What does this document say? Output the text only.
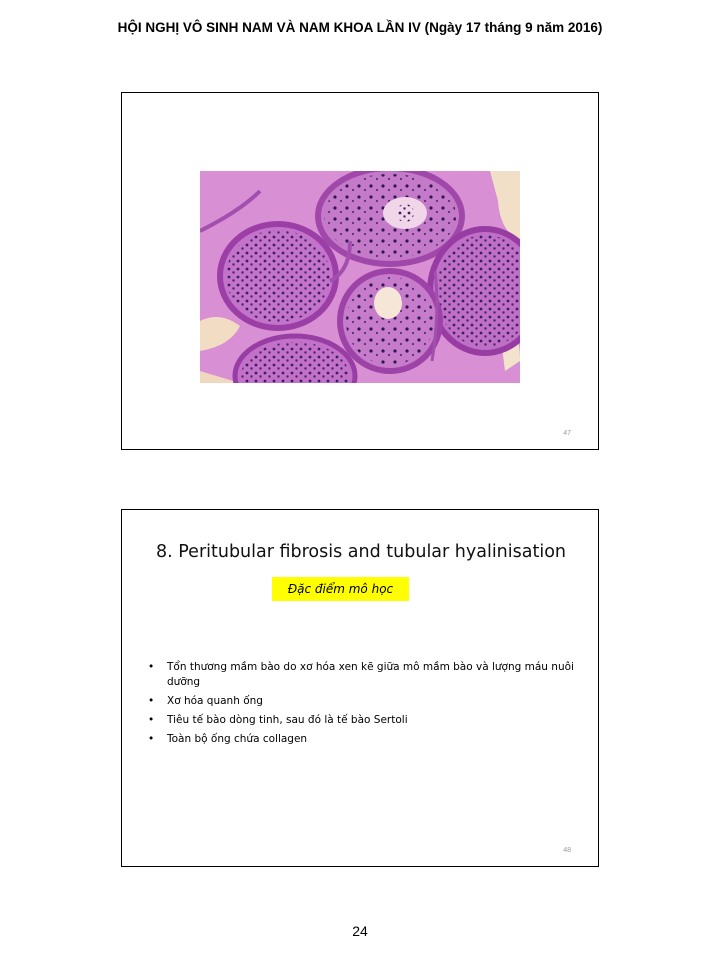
HỘI NGHỊ VÔ SINH NAM VÀ NAM KHOA LẦN IV (Ngày 17 tháng 9 năm 2016)
47
8. Peritubular fibrosis and tubular hyalinisation
Đặc điểm mô học
• Tổn thương mầm bào do xơ hóa xen kẽ giữa mô mầm bào và lượng máu nuôi dưỡng
• Xơ hóa quanh ống
• Tiêu tế bào dòng tinh, sau đó là tế bào Sertoli
• Toàn bộ ống chứa collagen
48
24
